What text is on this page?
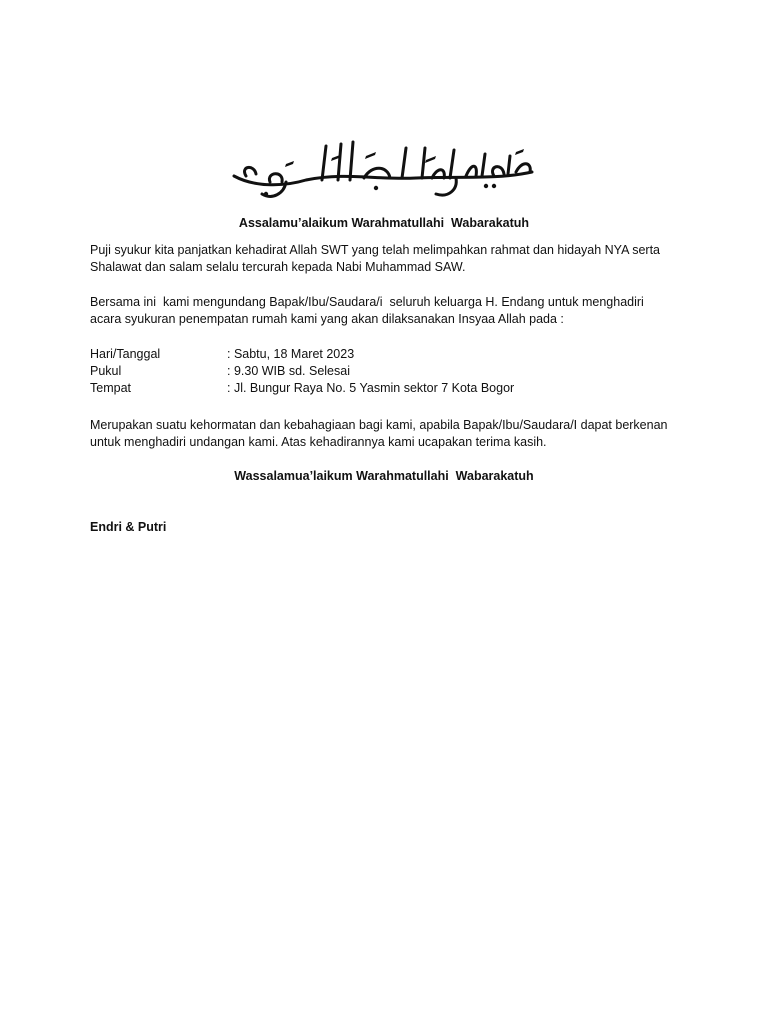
Assalamu’alaikum Warahmatullahi  Wabarakatuh
Puji syukur kita panjatkan kehadirat Allah SWT yang telah melimpahkan rahmat dan hidayah NYA serta
Shalawat dan salam selalu tercurah kepada Nabi Muhammad SAW.
Bersama ini  kami mengundang Bapak/Ibu/Saudara/i  seluruh keluarga H. Endang untuk menghadiri
acara syukuran penempatan rumah kami yang akan dilaksanakan Insyaa Allah pada :
Hari/Tanggal	: Sabtu, 18 Maret 2023
Pukul	: 9.30 WIB sd. Selesai
Tempat	: Jl. Bungur Raya No. 5 Yasmin sektor 7 Kota Bogor
Merupakan suatu kehormatan dan kebahagiaan bagi kami, apabila Bapak/Ibu/Saudara/I dapat berkenan
untuk menghadiri undangan kami. Atas kehadirannya kami ucapakan terima kasih.
Wassalamua’laikum Warahmatullahi  Wabarakatuh
Endri & Putri
